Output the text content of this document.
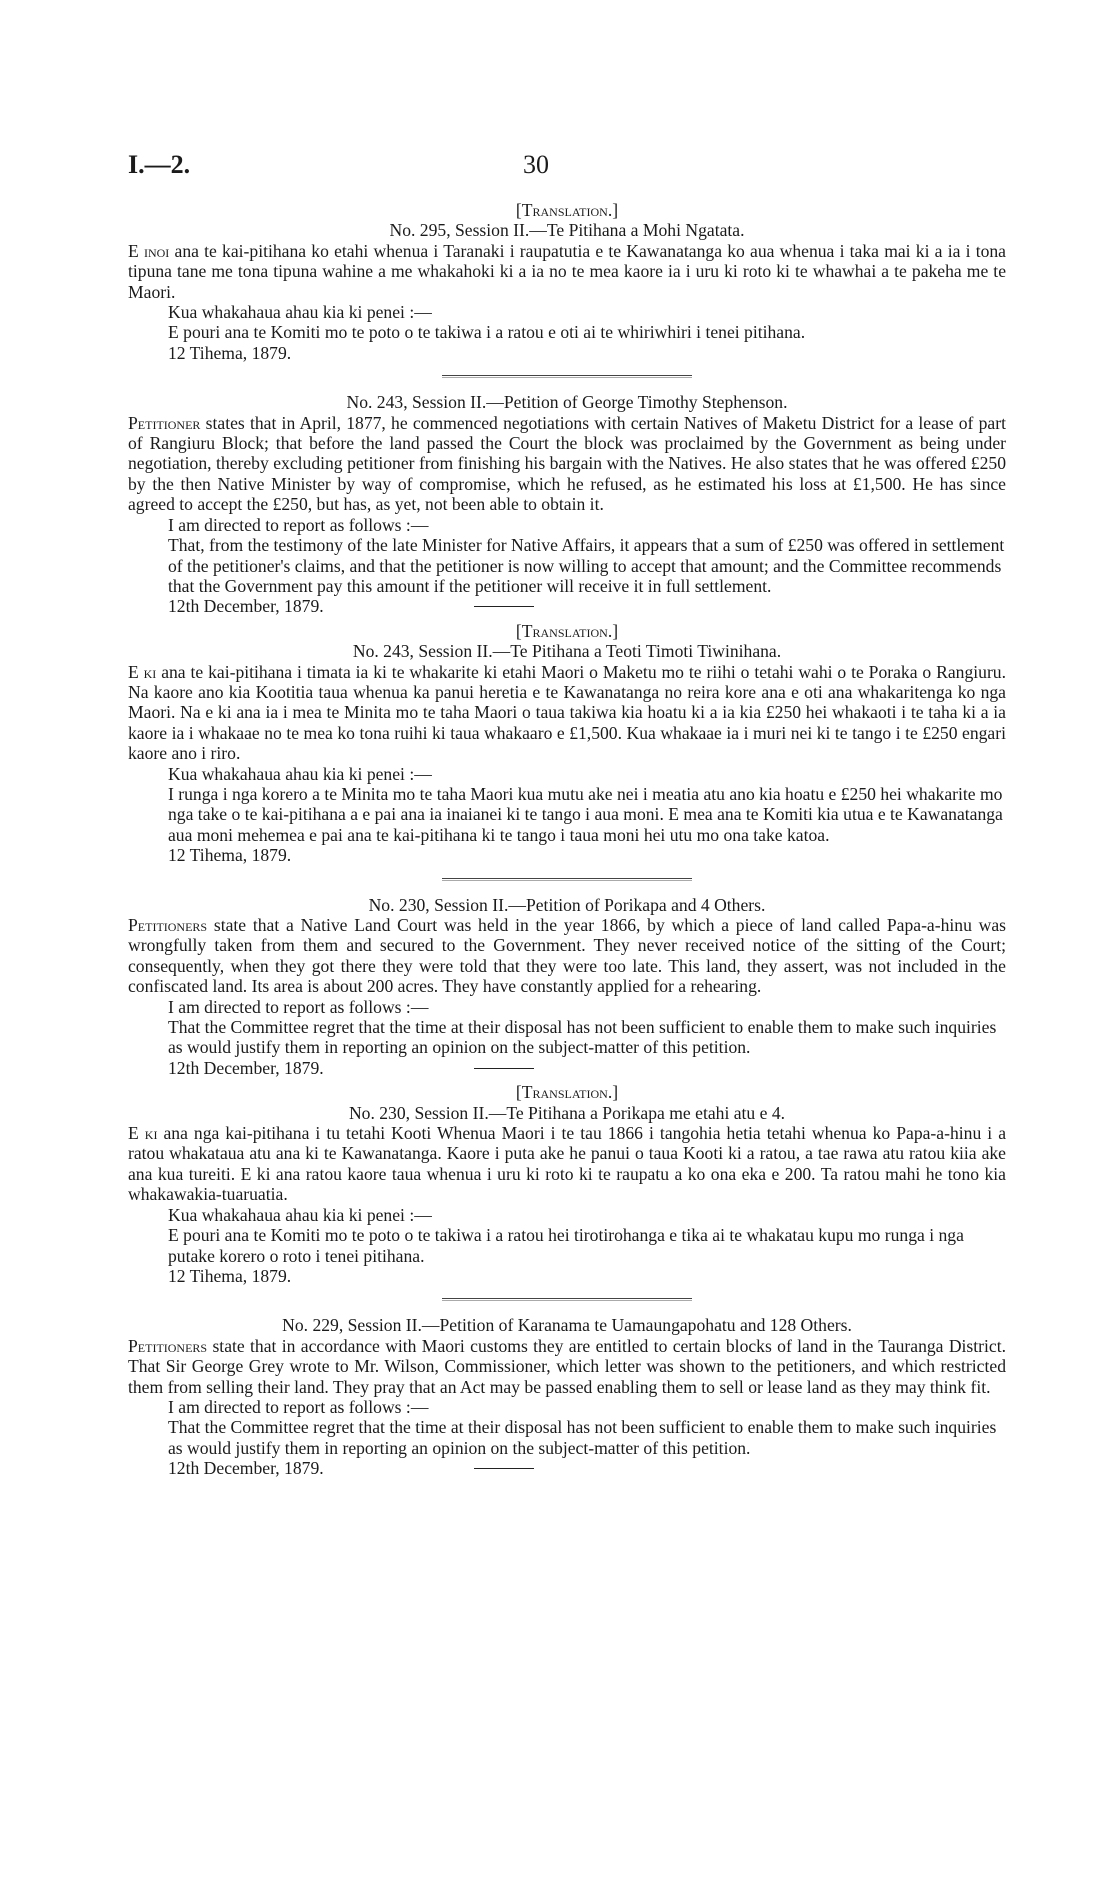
I.—2.	30
[Translation.]
No. 295, Session II.—Te Pitihana a Mohi Ngatata.

E inoi ana te kai-pitihana ko etahi whenua i Taranaki i raupatutia e te Kawanatanga ko aua whenua i taka mai ki a ia i tona tipuna tane me tona tipuna wahine a me whakahoki ki a ia no te mea kaore ia i uru ki roto ki te whawhai a te pakeha me te Maori.

Kua whakahaua ahau kia ki penei :—

E pouri ana te Komiti mo te poto o te takiwa i a ratou e oti ai te whiriwhiri i tenei pitihana.

12 Tihema, 1879.
No. 243, Session II.—Petition of George Timothy Stephenson.

Petitioner states that in April, 1877, he commenced negotiations with certain Natives of Maketu District for a lease of part of Rangiuru Block; that before the land passed the Court the block was proclaimed by the Government as being under negotiation, thereby excluding petitioner from finishing his bargain with the Natives. He also states that he was offered £250 by the then Native Minister by way of compromise, which he refused, as he estimated his loss at £1,500. He has since agreed to accept the £250, but has, as yet, not been able to obtain it.

I am directed to report as follows :—

That, from the testimony of the late Minister for Native Affairs, it appears that a sum of £250 was offered in settlement of the petitioner's claims, and that the petitioner is now willing to accept that amount; and the Committee recommends that the Government pay this amount if the petitioner will receive it in full settlement.

12th December, 1879.
[Translation.]
No. 243, Session II.—Te Pitihana a Teoti Timoti Tiwinihana.

E ki ana te kai-pitihana i timata ia ki te whakarite ki etahi Maori o Maketu mo te riihi o tetahi wahi o te Poraka o Rangiuru. Na kaore ano kia Kootitia taua whenua ka panui heretia e te Kawanatanga no reira kore ana e oti ana whakaritenga ko nga Maori. Na e ki ana ia i mea te Minita mo te taha Maori o taua takiwa kia hoatu ki a ia kia £250 hei whakaoti i te taha ki a ia kaore ia i whakaae no te mea ko tona ruihi ki taua whakaaro e £1,500. Kua whakaae ia i muri nei ki te tango i te £250 engari kaore ano i riro.

Kua whakahaua ahau kia ki penei :—

I runga i nga korero a te Minita mo te taha Maori kua mutu ake nei i meatia atu ano kia hoatu e £250 hei whakarite mo nga take o te kai-pitihana a e pai ana ia inaianei ki te tango i aua moni. E mea ana te Komiti kia utua e te Kawanatanga aua moni mehemea e pai ana te kai-pitihana ki te tango i taua moni hei utu mo ona take katoa.

12 Tihema, 1879.
No. 230, Session II.—Petition of Porikapa and 4 Others.

Petitioners state that a Native Land Court was held in the year 1866, by which a piece of land called Papa-a-hinu was wrongfully taken from them and secured to the Government. They never received notice of the sitting of the Court; consequently, when they got there they were told that they were too late. This land, they assert, was not included in the confiscated land. Its area is about 200 acres. They have constantly applied for a rehearing.

I am directed to report as follows :—

That the Committee regret that the time at their disposal has not been sufficient to enable them to make such inquiries as would justify them in reporting an opinion on the subject-matter of this petition.

12th December, 1879.
[Translation.]
No. 230, Session II.—Te Pitihana a Porikapa me etahi atu e 4.

E ki ana nga kai-pitihana i tu tetahi Kooti Whenua Maori i te tau 1866 i tangohia hetia tetahi whenua ko Papa-a-hinu i a ratou whakataua atu ana ki te Kawanatanga. Kaore i puta ake he panui o taua Kooti ki a ratou, a tae rawa atu ratou kiia ake ana kua tureiti. E ki ana ratou kaore taua whenua i uru ki roto ki te raupatu a ko ona eka e 200. Ta ratou mahi he tono kia whakawakia-tuaruatia.

Kua whakahaua ahau kia ki penei :—

E pouri ana te Komiti mo te poto o te takiwa i a ratou hei tirotirohanga e tika ai te whakatau kupu mo runga i nga putake korero o roto i tenei pitihana.

12 Tihema, 1879.
No. 229, Session II.—Petition of Karanama te Uamaungapohatu and 128 Others.

Petitioners state that in accordance with Maori customs they are entitled to certain blocks of land in the Tauranga District. That Sir George Grey wrote to Mr. Wilson, Commissioner, which letter was shown to the petitioners, and which restricted them from selling their land. They pray that an Act may be passed enabling them to sell or lease land as they may think fit.

I am directed to report as follows :—

That the Committee regret that the time at their disposal has not been sufficient to enable them to make such inquiries as would justify them in reporting an opinion on the subject-matter of this petition.

12th December, 1879.
